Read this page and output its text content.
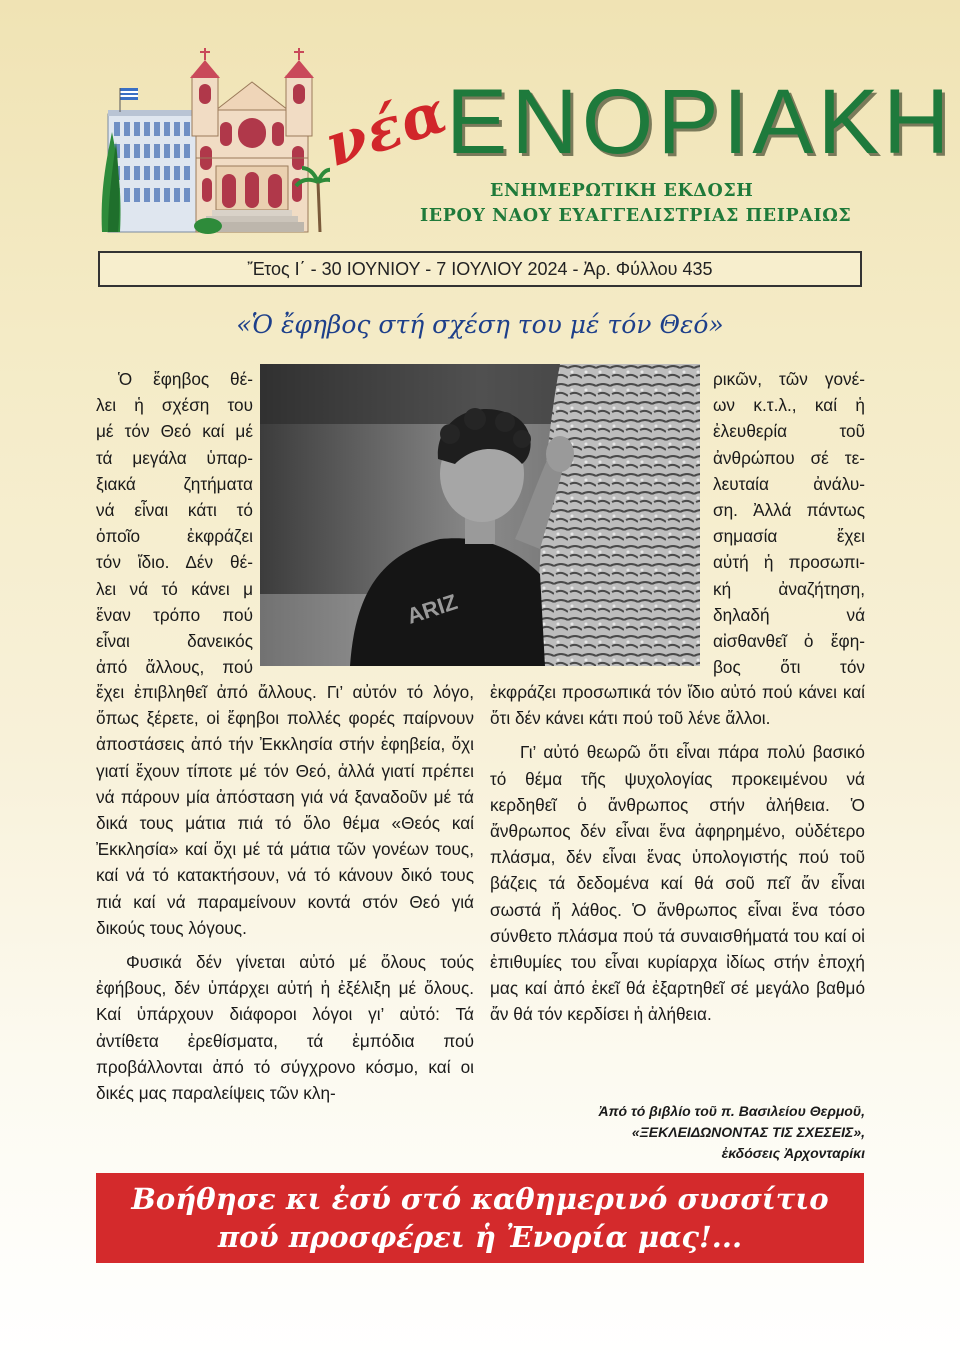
νέα
ΕΝΟΡΙΑΚΗ
ΕΝΗΜΕΡΩΤΙΚΗ ΕΚΔΟΣΗ
ΙΕΡΟΥ ΝΑΟΥ ΕΥΑΓΓΕΛΙΣΤΡΙΑΣ ΠΕΙΡΑΙΩΣ
Ἔτος Ι΄ - 30 ΙΟΥΝΙΟΥ - 7 ΙΟΥΛΙΟΥ 2024 - Ἀρ. Φύλλου 435
«Ὁ ἔφηβος στή σχέση του μέ τόν Θεό»
ARIZ
Ὁ ἔφηβος θέ-
λει ἡ σχέση του
μέ τόν Θεό καί μέ
τά μεγάλα ὑπαρ-
ξιακά ζητήματα
νά εἶναι κάτι τό
ὁποῖο ἐκφράζει
τόν ἴδιο. Δέν θέ-
λει νά τό κάνει μ
ἕναν τρόπο πού
εἶναι δανεικός
ἀπό ἄλλους, πού
ρικῶν, τῶν γονέ-
ων κ.τ.λ., καί ἡ
ἐλευθερία τοῦ
ἀνθρώπου σέ τε-
λευταία ἀνάλυ-
ση. Ἀλλά πάντως
σημασία ἔχει
αὐτή ἡ προσωπι-
κή ἀναζήτηση,
δηλαδή νά
αἰσθανθεῖ ὁ ἔφη-
βος ὅτι τόν

ἔχει ἐπιβληθεῖ ἀπό ἄλλους. Γι’ αὐτόν τό λόγο, ὅπως ξέρετε, οἱ ἔφηβοι πολλές φορές παίρνουν ἀποστάσεις ἀπό τήν Ἐκκλησία στήν ἐφηβεία, ὄχι γιατί ἔχουν τίποτε μέ τόν Θεό, ἀλλά γιατί πρέπει νά πάρουν μία ἀπόσταση γιά νά ξαναδοῦν μέ τά δικά τους μάτια πιά τό ὅλο θέμα «Θεός καί Ἐκκλησία» καί ὄχι μέ τά μάτια τῶν γονέων τους, καί νά τό κατακτήσουν, νά τό κάνουν δικό τους πιά καί νά παραμείνουν κοντά στόν Θεό γιά δικούς τους λόγους.

Φυσικά δέν γίνεται αὐτό μέ ὅλους τούς ἐφήβους, δέν ὑπάρχει αὐτή ἡ ἐξέλιξη μέ ὅλους. Καί ὑπάρχουν διάφοροι λόγοι γι’ αὐτό: Τά ἀντίθετα ἐρεθίσματα, τά ἐμπόδια πού προβάλλονται ἀπό τό σύγχρονο κόσμο, καί οι δικές μας παραλείψεις τῶν κλη-

ἐκφράζει προσωπικά τόν ἴδιο αὐτό πού κάνει καί ὅτι δέν κάνει κάτι πού τοῦ λένε ἄλλοι.

Γι’ αὐτό θεωρῶ ὅτι εἶναι πάρα πολύ βασικό τό θέμα τῆς ψυχολογίας προκειμένου νά κερδηθεῖ ὁ ἄνθρωπος στήν ἀλήθεια. Ὁ ἄνθρωπος δέν εἶναι ἕνα ἀφηρημένο, οὐδέτερο πλάσμα, δέν εἶναι ἕνας ὑπολογιστής πού τοῦ βάζεις τά δεδομένα καί θά σοῦ πεῖ ἄν εἶναι σωστά ἤ λάθος. Ὁ ἄνθρωπος εἶναι ἕνα τόσο σύνθετο πλάσμα πού τά συναισθήματά του καί οἱ ἐπιθυμίες του εἶναι κυρίαρχα ἰδίως στήν ἐποχή μας καί ἀπό ἐκεῖ θά ἐξαρτηθεῖ σέ μεγάλο βαθμό ἄν θά τόν κερδίσει ἡ ἀλήθεια.

Ἀπό τό βιβλίο τοῦ π. Βασιλείου Θερμοῦ,
«ΞΕΚΛΕΙΔΩΝΟΝΤΑΣ ΤΙΣ ΣΧΕΣΕΙΣ»,
ἐκδόσεις Ἀρχονταρίκι
Βοήθησε κι ἐσύ στό καθημερινό συσσίτιο
πού προσφέρει ἡ Ἐνορία μας!...
